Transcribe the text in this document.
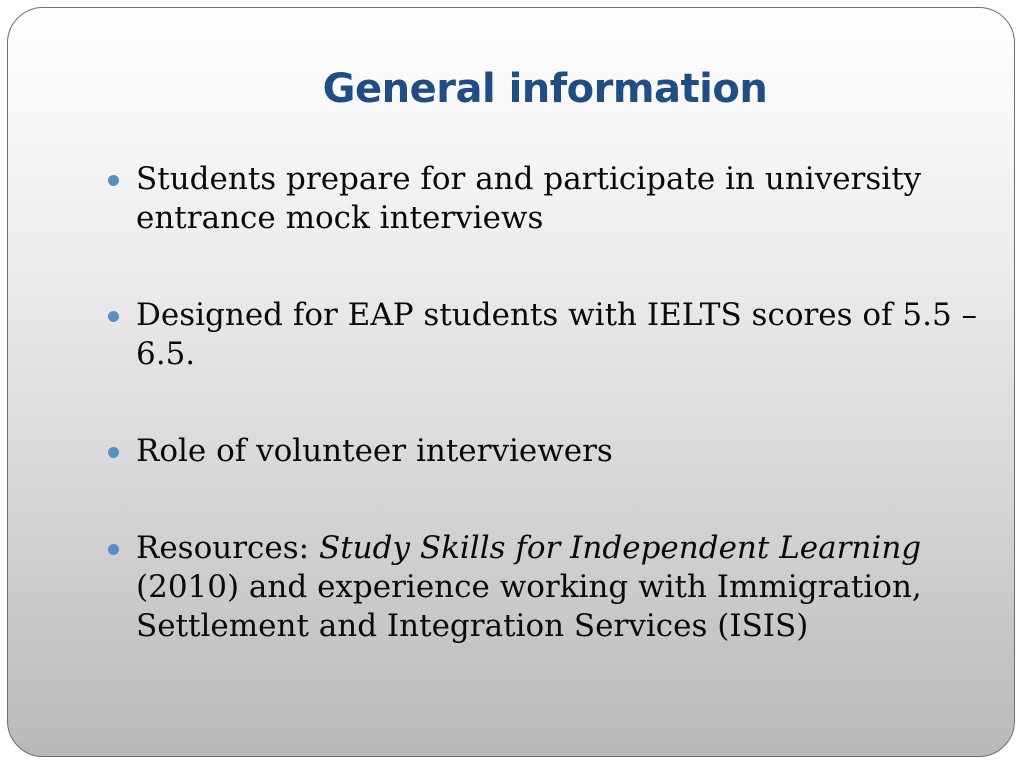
General information
Students prepare for and participate in university entrance mock interviews
Designed for EAP students with IELTS scores of 5.5 – 6.5.
Role of volunteer interviewers
Resources: Study Skills for Independent Learning (2010) and experience working with Immigration, Settlement and Integration Services (ISIS)
